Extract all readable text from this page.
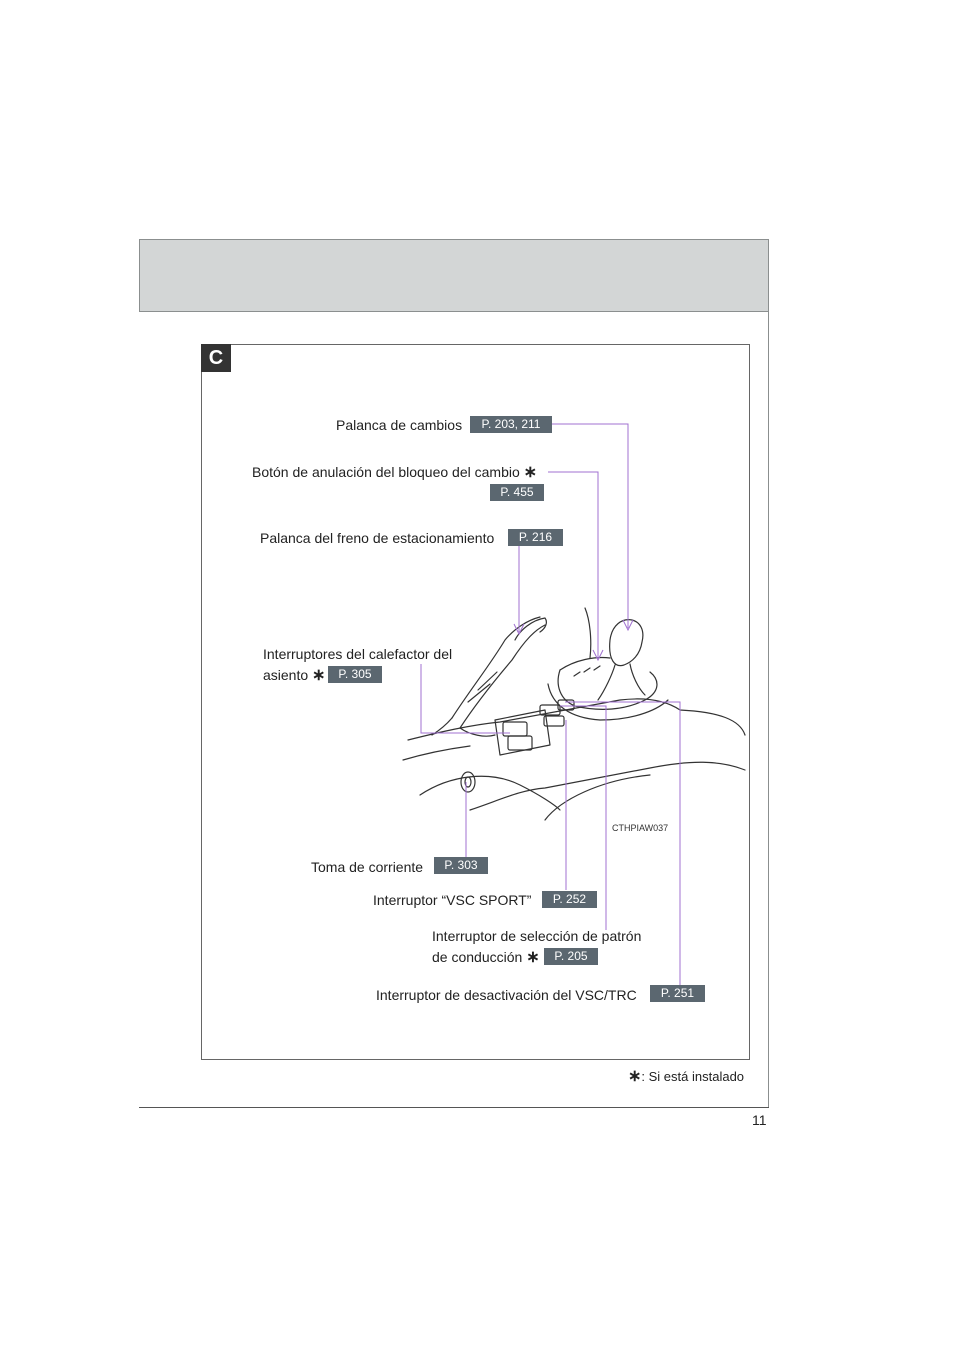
11
C
CTHPIAW037
Palanca de cambios	P. 203, 211
Botón de anulación del bloqueo del cambio ∗
P. 455
Palanca del freno de estacionamiento	P. 216
Interruptores del calefactor del
asiento ∗	P. 305
Toma de corriente	P. 303
Interruptor “VSC SPORT”	P. 252
Interruptor de selección de patrón
de conducción ∗	P. 205
Interruptor de desactivación del VSC/TRC	P. 251
∗: Si está instalado
